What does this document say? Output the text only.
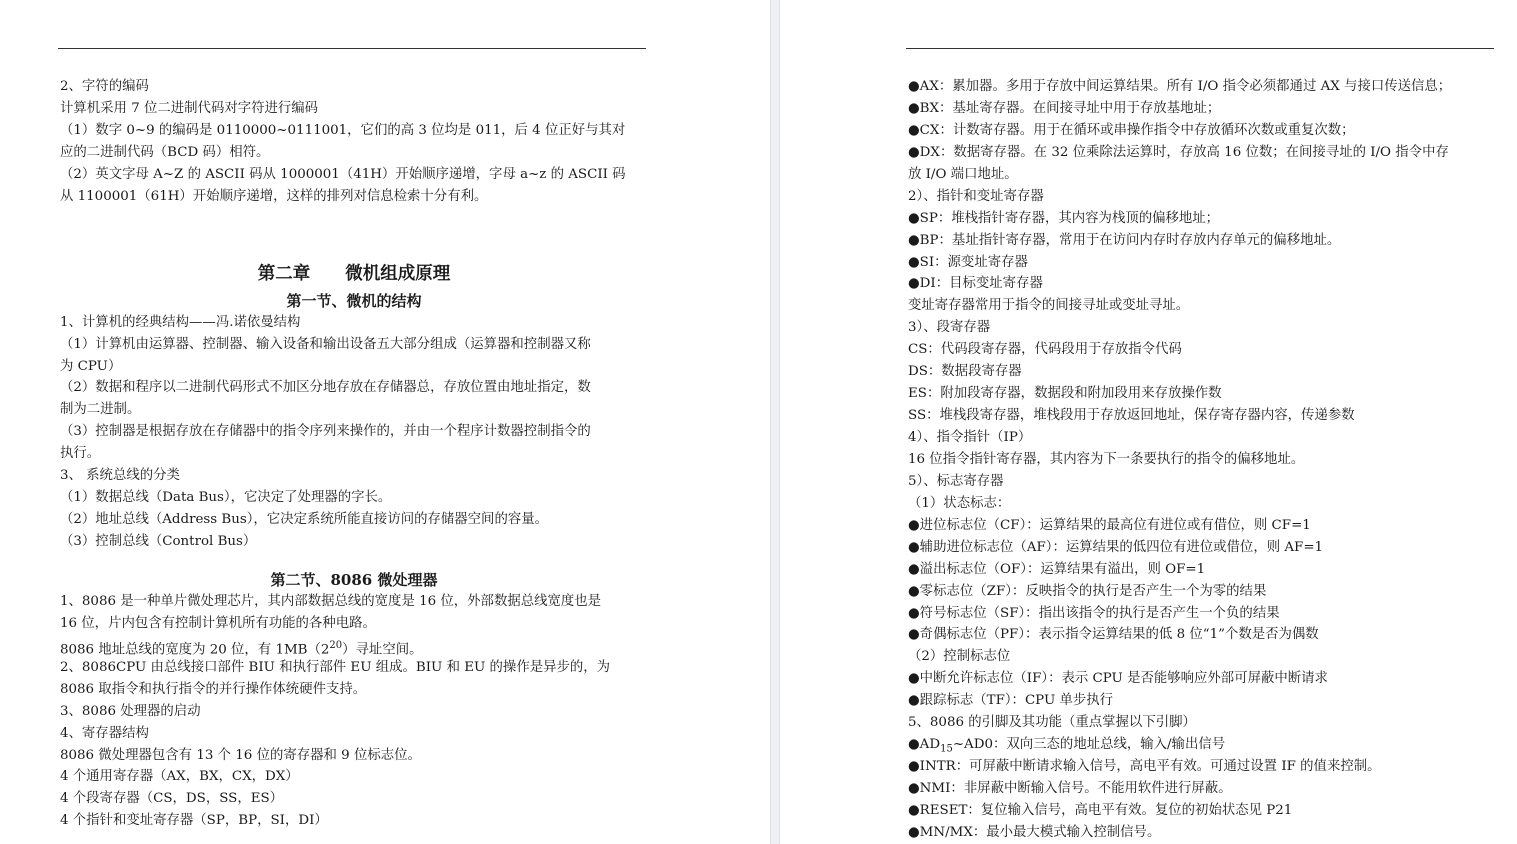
2、字符的编码
计算机采用 7 位二进制代码对字符进行编码
（1）数字 0~9 的编码是 0110000~0111001，它们的高 3 位均是 011，后 4 位正好与其对
应的二进制代码（BCD 码）相符。
（2）英文字母 A~Z 的 ASCII 码从 1000001（41H）开始顺序递增，字母 a~z 的 ASCII 码
从 1100001（61H）开始顺序递增，这样的排列对信息检索十分有利。
第二章　　微机组成原理
第一节、微机的结构
1、计算机的经典结构——冯.诺依曼结构
（1）计算机由运算器、控制器、输入设备和输出设备五大部分组成（运算器和控制器又称
为 CPU）
（2）数据和程序以二进制代码形式不加区分地存放在存储器总，存放位置由地址指定，数
制为二进制。
（3）控制器是根据存放在存储器中的指令序列来操作的，并由一个程序计数器控制指令的
执行。
3、 系统总线的分类
（1）数据总线（Data Bus），它决定了处理器的字长。
（2）地址总线（Address Bus），它决定系统所能直接访问的存储器空间的容量。
（3）控制总线（Control Bus）
第二节、8086 微处理器
1、8086 是一种单片微处理芯片，其内部数据总线的宽度是 16 位，外部数据总线宽度也是
16 位，片内包含有控制计算机所有功能的各种电路。
8086 地址总线的宽度为 20 位，有 $1MB(2^{20})$寻址空间。
2、8086CPU 由总线接口部件 BIU 和执行部件 EU 组成。BIU 和 EU 的操作是异步的，为
8086 取指令和执行指令的并行操作体统硬件支持。
3、8086 处理器的启动
4、寄存器结构
8086 微处理器包含有 13 个 16 位的寄存器和 9 位标志位。
4 个通用寄存器（AX，BX，CX，DX）
4 个段寄存器（CS，DS，SS，ES）
4 个指针和变址寄存器（SP，BP，SI，DI）
●AX：累加器。多用于存放中间运算结果。所有 I/O 指令必须都通过 AX 与接口传送信息；
●BX：基址寄存器。在间接寻址中用于存放基地址；
●CX：计数寄存器。用于在循环或串操作指令中存放循环次数或重复次数；
●DX：数据寄存器。在 32 位乘除法运算时，存放高 16 位数；在间接寻址的 I/O 指令中存
放 I/O 端口地址。
2）、指针和变址寄存器
●SP：堆栈指针寄存器，其内容为栈顶的偏移地址；
●BP：基址指针寄存器，常用于在访问内存时存放内存单元的偏移地址。
●SI：源变址寄存器
●DI：目标变址寄存器
变址寄存器常用于指令的间接寻址或变址寻址。
3）、段寄存器
CS：代码段寄存器，代码段用于存放指令代码
DS：数据段寄存器
ES：附加段寄存器，数据段和附加段用来存放操作数
SS：堆栈段寄存器，堆栈段用于存放返回地址，保存寄存器内容，传递参数
4）、指令指针（IP）
16 位指令指针寄存器，其内容为下一条要执行的指令的偏移地址。
5）、标志寄存器
（1）状态标志：
●进位标志位（CF）：运算结果的最高位有进位或有借位，则 CF=1
●辅助进位标志位（AF）：运算结果的低四位有进位或借位，则 AF=1
●溢出标志位（OF）：运算结果有溢出，则 OF=1
●零标志位（ZF）：反映指令的执行是否产生一个为零的结果
●符号标志位（SF）：指出该指令的执行是否产生一个负的结果
●奇偶标志位（PF）：表示指令运算结果的低 8 位“1”个数是否为偶数
（2）控制标志位
●中断允许标志位（IF）：表示 CPU 是否能够响应外部可屏蔽中断请求
●跟踪标志（TF）：CPU 单步执行
5、8086 的引脚及其功能（重点掌握以下引脚）
$●AD_{15}\sim AD0$：双向三态的地址总线，输入/输出信号
●INTR：可屏蔽中断请求输入信号，高电平有效。可通过设置 IF 的值来控制。
●NMI：非屏蔽中断输入信号。不能用软件进行屏蔽。
●RESET：复位输入信号，高电平有效。复位的初始状态见 P21
●MN/MX：最小最大模式输入控制信号。
